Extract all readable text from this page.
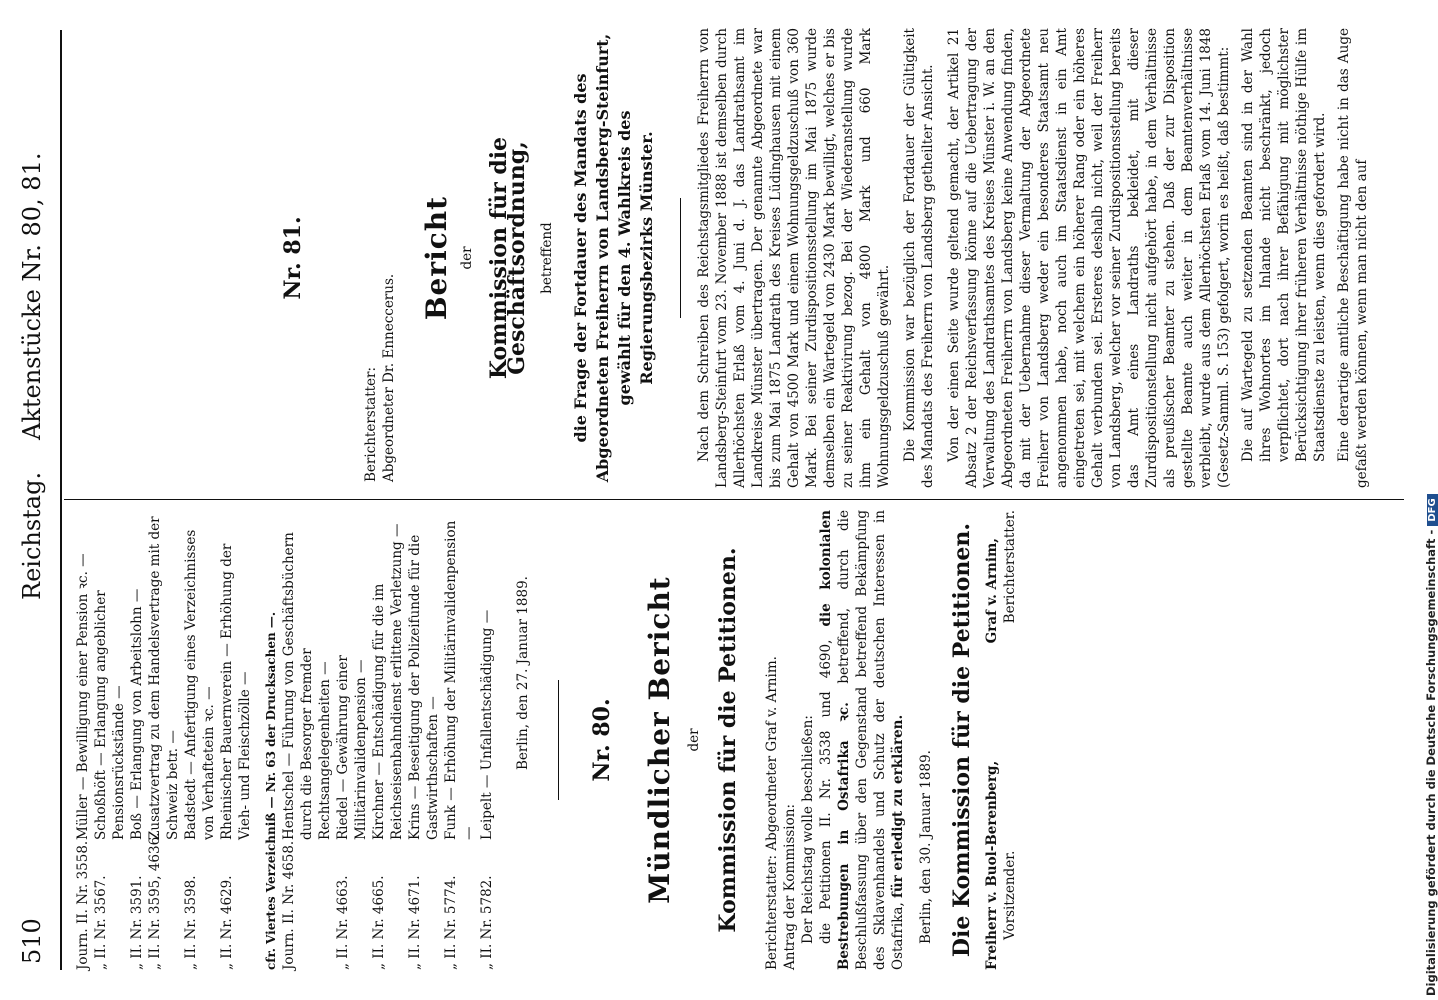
510
Reichstag.
Aktenstücke Nr. 80, 81.
Journ. II. Nr. 3558.
Müller — Bewilligung einer Pension ꝛc. —
„ II. Nr. 3567.
Schoßhöft — Erlangung angeblicher Pensionsrückstände —
„ II. Nr. 3591.
Boß — Erlangung von Arbeitslohn —
„ II. Nr. 3595, 4636.
Zusatzvertrag zu dem Handelsvertrage mit der Schweiz betr. —
„ II. Nr. 3598.
Badstedt — Anfertigung eines Verzeichnisses von Verhaftetein ꝛc. —
„ II. Nr. 4629.
Rheinischer Bauernverein — Erhöhung der Vieh- und Fleischzölle — cfr. Viertes Verzeichniß — Nr. 63 der Drucksachen —. Journ. II. Nr. 4658.
Hentschel — Führung von Geschäftsbüchern durch die Besorger fremder Rechtsangelegenheiten —
„ II. Nr. 4663.
Riedel — Gewährung einer Militärinvalidenpension —
„ II. Nr. 4665.
Kirchner — Entschädigung für die im Reichseisenbahndienst erlittene Verletzung —
„ II. Nr. 4671.
Krins — Beseitigung der Polizeifunde für die Gastwirthschaften —
„ II. Nr. 5774.
Funk — Erhöhung der Militärinvalidenpension —
„ II. Nr. 5782.
Leipelt — Unfallentschädigung — Berlin, den 27. Januar 1889.	Nr. 80. Mündlicher Bericht der Kommission für die Petitionen. Berichterstatter: Abgeordneter Graf v. Arnim. Antrag der Kommission: Der Reichstag wolle beschließen: die Petitionen II. Nr. 3538 und 4690, die kolonialen Bestrebungen in Ostafrika ꝛc. betreffend, durch die Beschlußfassung über den Gegenstand betreffend Bekämpfung des Sklavenhandels und Schutz der deutschen Interessen in Ostafrika, für erledigt zu erklären. Berlin, den 30. Januar 1889. Die Kommission für die Petitionen. Freiherr v. Buol-Berenberg, Vorsitzender.
Graf v. Arnim, Berichterstatter.
Nr. 81.
Berichterstatter: Abgeordneter Dr. Enneccerus.
Bericht der Kommission für die Geschäftsordnung, betreffend die Frage der Fortdauer des Mandats des Abgeordneten Freiherrn von Landsberg-Steinfurt, gewählt für den 4. Wahlkreis des Regierungsbezirks Münster.	Nach dem Schreiben des Reichstagsmitgliedes Freiherrn von Landsberg-Steinfurt vom 23. November 1888 ist demselben durch Allerhöchsten Erlaß vom 4. Juni d. J. das Landrathsamt im Landkreise Münster übertragen. Der genannte Abgeordnete war bis zum Mai 1875 Landrath des Kreises Lüdinghausen mit einem Gehalt von 4500 Mark und einem Wohnungsgeldzuschuß von 360 Mark. Bei seiner Zurdispositionsstellung im Mai 1875 wurde demselben ein Wartegeld von 2430 Mark bewilligt, welches er bis zu seiner Reaktivirung bezog. Bei der Wiederanstellung wurde ihm ein Gehalt von 4800 Mark und 660 Mark Wohnungsgeldzuschuß gewährt. Die Kommission war bezüglich der Fortdauer der Gültigkeit des Mandats des Freiherrn von Landsberg getheilter Ansicht. Von der einen Seite wurde geltend gemacht, der Artikel 21 Absatz 2 der Reichsverfassung könne auf die Uebertragung der Verwaltung des Landrathsamtes des Kreises Münster i. W. an den Abgeordneten Freiherrn von Landsberg keine Anwendung finden, da mit der Uebernahme dieser Vermaltung der Abgeordnete Freiherr von Landsberg weder ein besonderes Staatsamt neu angenommen habe, noch auch im Staatsdienst in ein Amt eingetreten sei, mit welchem ein höherer Rang oder ein höheres Gehalt verbunden sei. Ersteres deshalb nicht, weil der Freiherr von Landsberg, welcher vor seiner Zurdispositionsstellung bereits das Amt eines Landraths bekleidet, mit dieser Zurdispositionstellung nicht aufgehört habe, in dem Verhältnisse als preußischer Beamter zu stehen. Daß der zur Disposition gestellte Beamte auch weiter in dem Beamtenverhältnisse verbleibt, wurde aus dem Allerhöchsten Erlaß vom 14. Juni 1848 (Gesetz-Samml. S. 153) gefolgert, worin es heißt, daß bestimmt: Die auf Wartegeld zu setzenden Beamten sind in der Wahl ihres Wohnortes im Inlande nicht beschränkt, jedoch verpflichtet, dort nach ihrer Befähigung mit möglichster Berücksichtigung ihrer früheren Verhältnisse nöthige Hülfe im Staatsdienste zu leisten, wenn dies gefordert wird. Eine derartige amtliche Beschäftigung habe nicht in das Auge gefaßt werden können, wenn man nicht den auf

Digitalisierung gefördert durch die Deutsche Forschungsgemeinschaft -DFG
